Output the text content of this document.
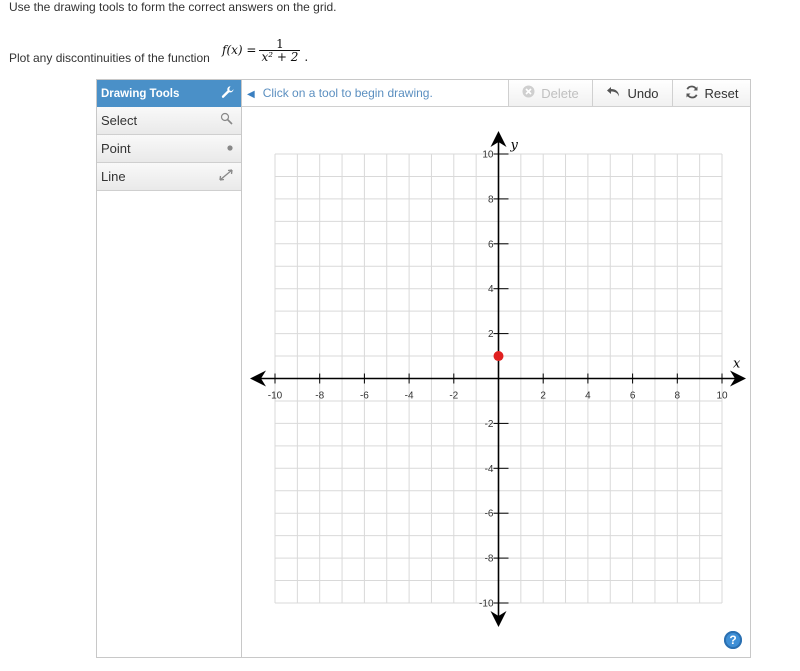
Use the drawing tools to form the correct answers on the grid.
Plot any discontinuities of the function
$f(x) = \frac{1}{\text{x² + 2}}$ .
Drawing Tools
Select
Point
Line
◀ Click on a tool to begin drawing.	Delete	Undo	Reset
x
y
-10	-8	-6	-4	-2	2	4	6	8	10
10
8
6
4
2
-2
-4
-6
-8
-10
?
